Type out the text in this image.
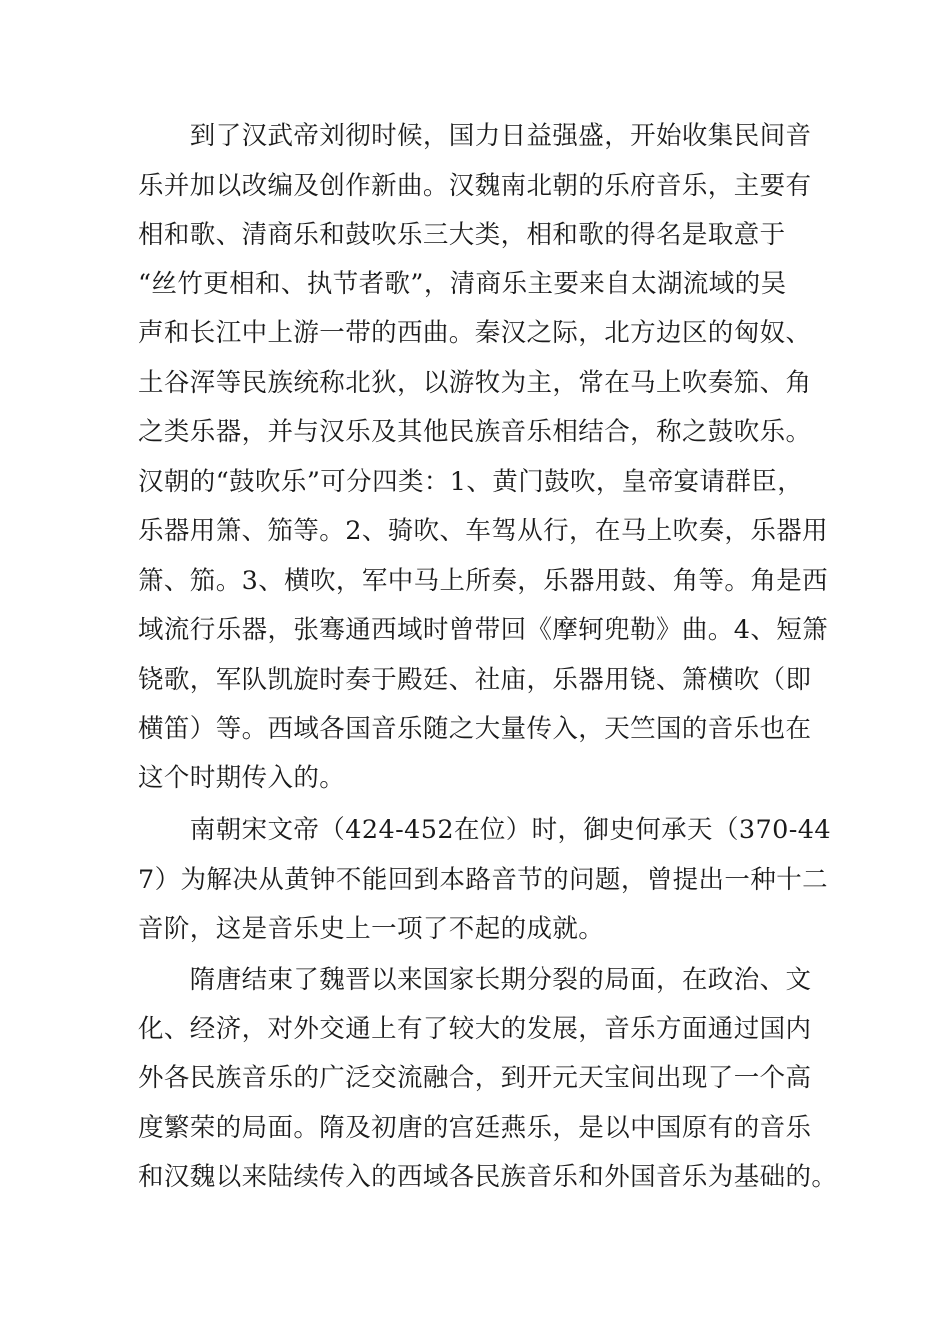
　　到了汉武帝刘彻时候，国力日益强盛，开始收集民间音
乐并加以改编及创作新曲。汉魏南北朝的乐府音乐，主要有
相和歌、清商乐和鼓吹乐三大类，相和歌的得名是取意于
“丝竹更相和、执节者歌”，清商乐主要来自太湖流域的吴
声和长江中上游一带的西曲。秦汉之际，北方边区的匈奴、
土谷浑等民族统称北狄，以游牧为主，常在马上吹奏笳、角
之类乐器，并与汉乐及其他民族音乐相结合，称之鼓吹乐。
汉朝的“鼓吹乐”可分四类：1、黄门鼓吹，皇帝宴请群臣，
乐器用箫、笳等。2、骑吹、车驾从行，在马上吹奏，乐器用
箫、笳。3、横吹，军中马上所奏，乐器用鼓、角等。角是西
域流行乐器，张骞通西域时曾带回《摩轲兜勒》曲。4、短箫
铙歌，军队凯旋时奏于殿廷、社庙，乐器用铙、箫横吹（即
横笛）等。西域各国音乐随之大量传入，天竺国的音乐也在
这个时期传入的。
　　南朝宋文帝（424-452在位）时，御史何承天（370-44
7）为解决从黄钟不能回到本路音节的问题，曾提出一种十二
音阶，这是音乐史上一项了不起的成就。
　　隋唐结束了魏晋以来国家长期分裂的局面，在政治、文
化、经济，对外交通上有了较大的发展，音乐方面通过国内
外各民族音乐的广泛交流融合，到开元天宝间出现了一个高
度繁荣的局面。隋及初唐的宫廷燕乐，是以中国原有的音乐
和汉魏以来陆续传入的西域各民族音乐和外国音乐为基础的。
